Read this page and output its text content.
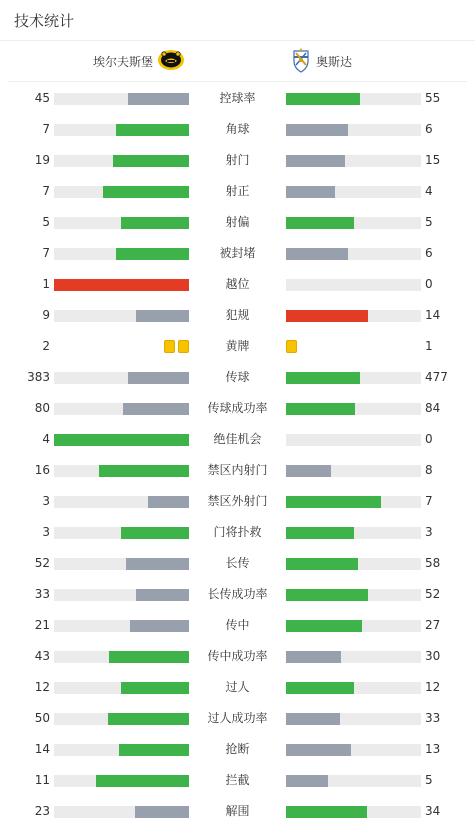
技术统计
埃尔夫斯堡	奥斯达
45	控球率	55
7	角球	6
19	射门	15
7	射正	4
5	射偏	5
7	被封堵	6
1	越位	0
9	犯规	14
2	黄牌	1
383	传球	477
80	传球成功率	84
4	绝佳机会	0
16	禁区内射门	8
3	禁区外射门	7
3	门将扑救	3
52	长传	58
33	长传成功率	52
21	传中	27
43	传中成功率	30
12	过人	12
50	过人成功率	33
14	抢断	13
11	拦截	5
23	解围	34
